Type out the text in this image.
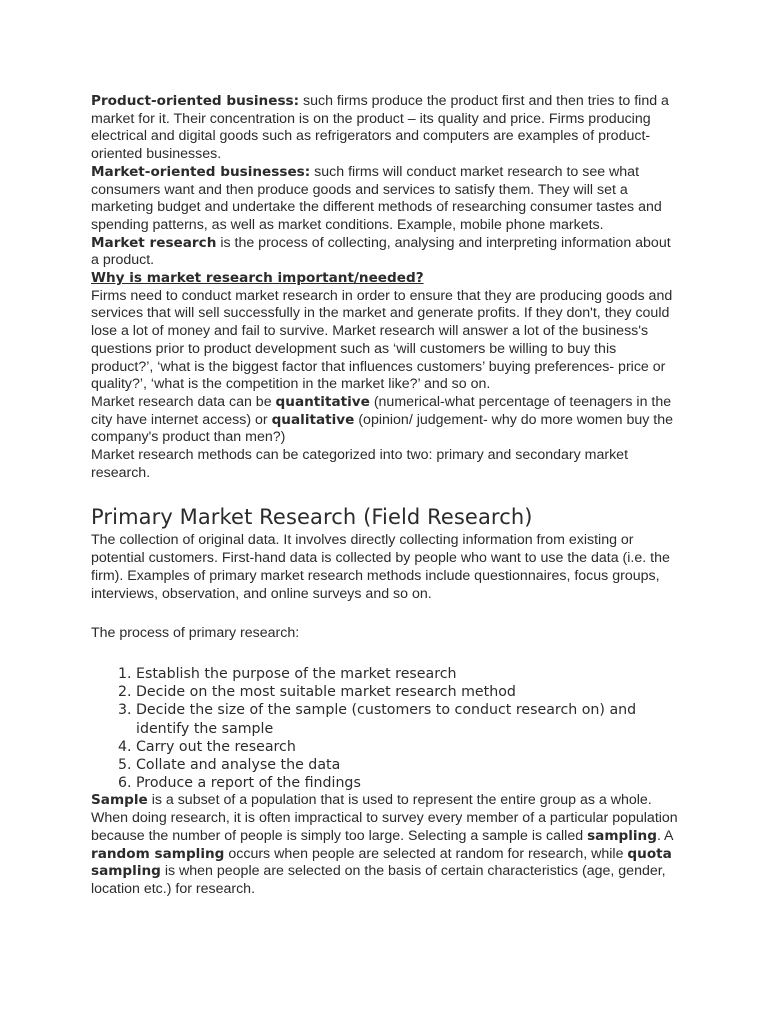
Product-oriented business: such firms produce the product first and then tries to find a market for it. Their concentration is on the product – its quality and price. Firms producing electrical and digital goods such as refrigerators and computers are examples of product-oriented businesses.

Market-oriented businesses: such firms will conduct market research to see what consumers want and then produce goods and services to satisfy them. They will set a marketing budget and undertake the different methods of researching consumer tastes and spending patterns, as well as market conditions. Example, mobile phone markets.

Market research is the process of collecting, analysing and interpreting information about a product.

Why is market research important/needed?

Firms need to conduct market research in order to ensure that they are producing goods and services that will sell successfully in the market and generate profits. If they don't, they could lose a lot of money and fail to survive. Market research will answer a lot of the business's questions prior to product development such as ‘will customers be willing to buy this product?’, ‘what is the biggest factor that influences customers’ buying preferences- price or quality?’, ‘what is the competition in the market like?’ and so on.

Market research data can be quantitative (numerical-what percentage of teenagers in the city have internet access) or qualitative (opinion/ judgement- why do more women buy the company's product than men?)

Market research methods can be categorized into two: primary and secondary market research.

Primary Market Research (Field Research)

The collection of original data. It involves directly collecting information from existing or potential customers. First-hand data is collected by people who want to use the data (i.e. the firm). Examples of primary market research methods include questionnaires, focus groups, interviews, observation, and online surveys and so on.

The process of primary research:

1. Establish the purpose of the market research
2. Decide on the most suitable market research method
3. Decide the size of the sample (customers to conduct research on) and identify the sample
4. Carry out the research
5. Collate and analyse the data
6. Produce a report of the findings

Sample is a subset of a population that is used to represent the entire group as a whole. When doing research, it is often impractical to survey every member of a particular population because the number of people is simply too large. Selecting a sample is called sampling. A random sampling occurs when people are selected at random for research, while quota sampling is when people are selected on the basis of certain characteristics (age, gender, location etc.) for research.
